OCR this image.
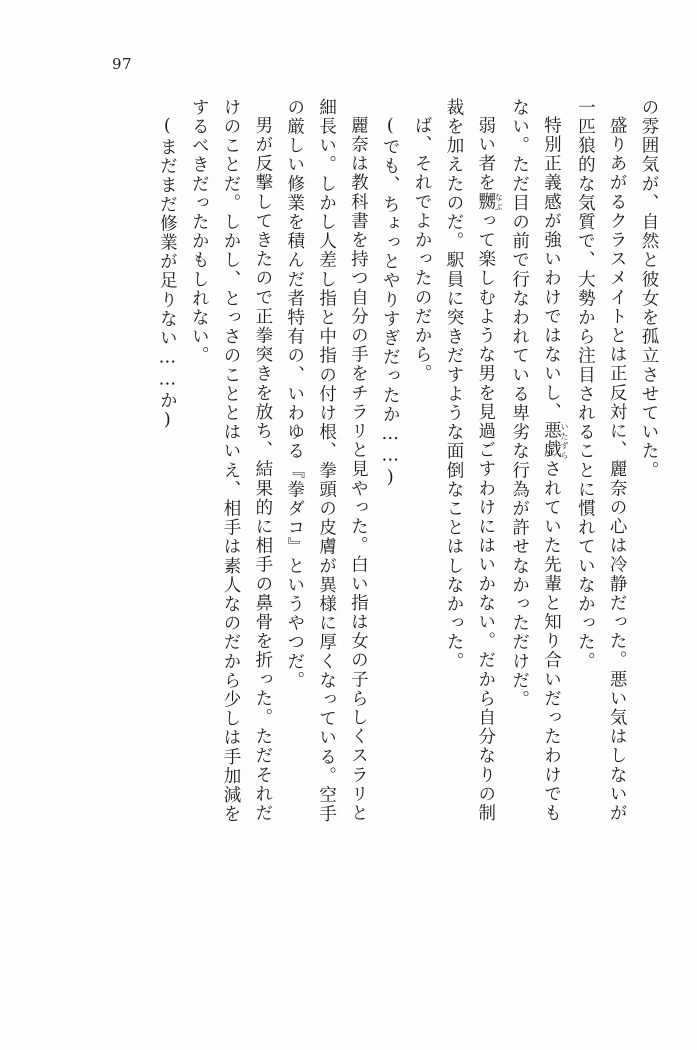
97

の雰囲気が、自然と彼女を孤立させていた。

盛りあがるクラスメイトとは正反対に、麗奈の心は冷静だった。悪い気はしないが

一匹狼的な気質で、大勢から注目されることに慣れていなかった。

特別正義感が強いわけではないし、悪戯いたずらされていた先輩と知り合いだったわけでも

ない。ただ目の前で行なわれている卑劣な行為が許せなかっただけだ。

弱い者を嬲なぶって楽しむような男を見過ごすわけにはいかない。だから自分なりの制

裁を加えたのだ。駅員に突きだすような面倒なことはしなかった。

ば、それでよかったのだから。

(でも、ちょっとやりすぎだったか……)

麗奈は教科書を持つ自分の手をチラリと見やった。白い指は女の子らしくスラリと

細長い。しかし人差し指と中指の付け根、拳頭の皮膚が異様に厚くなっている。空手

の厳しい修業を積んだ者特有の、いわゆる『拳ダコ』というやつだ。

男が反撃してきたので正拳突きを放ち、結果的に相手の鼻骨を折った。ただそれだ

けのことだ。しかし、とっさのこととはいえ、相手は素人なのだから少しは手加減を

するべきだったかもしれない。

(まだまだ修業が足りない……か)
